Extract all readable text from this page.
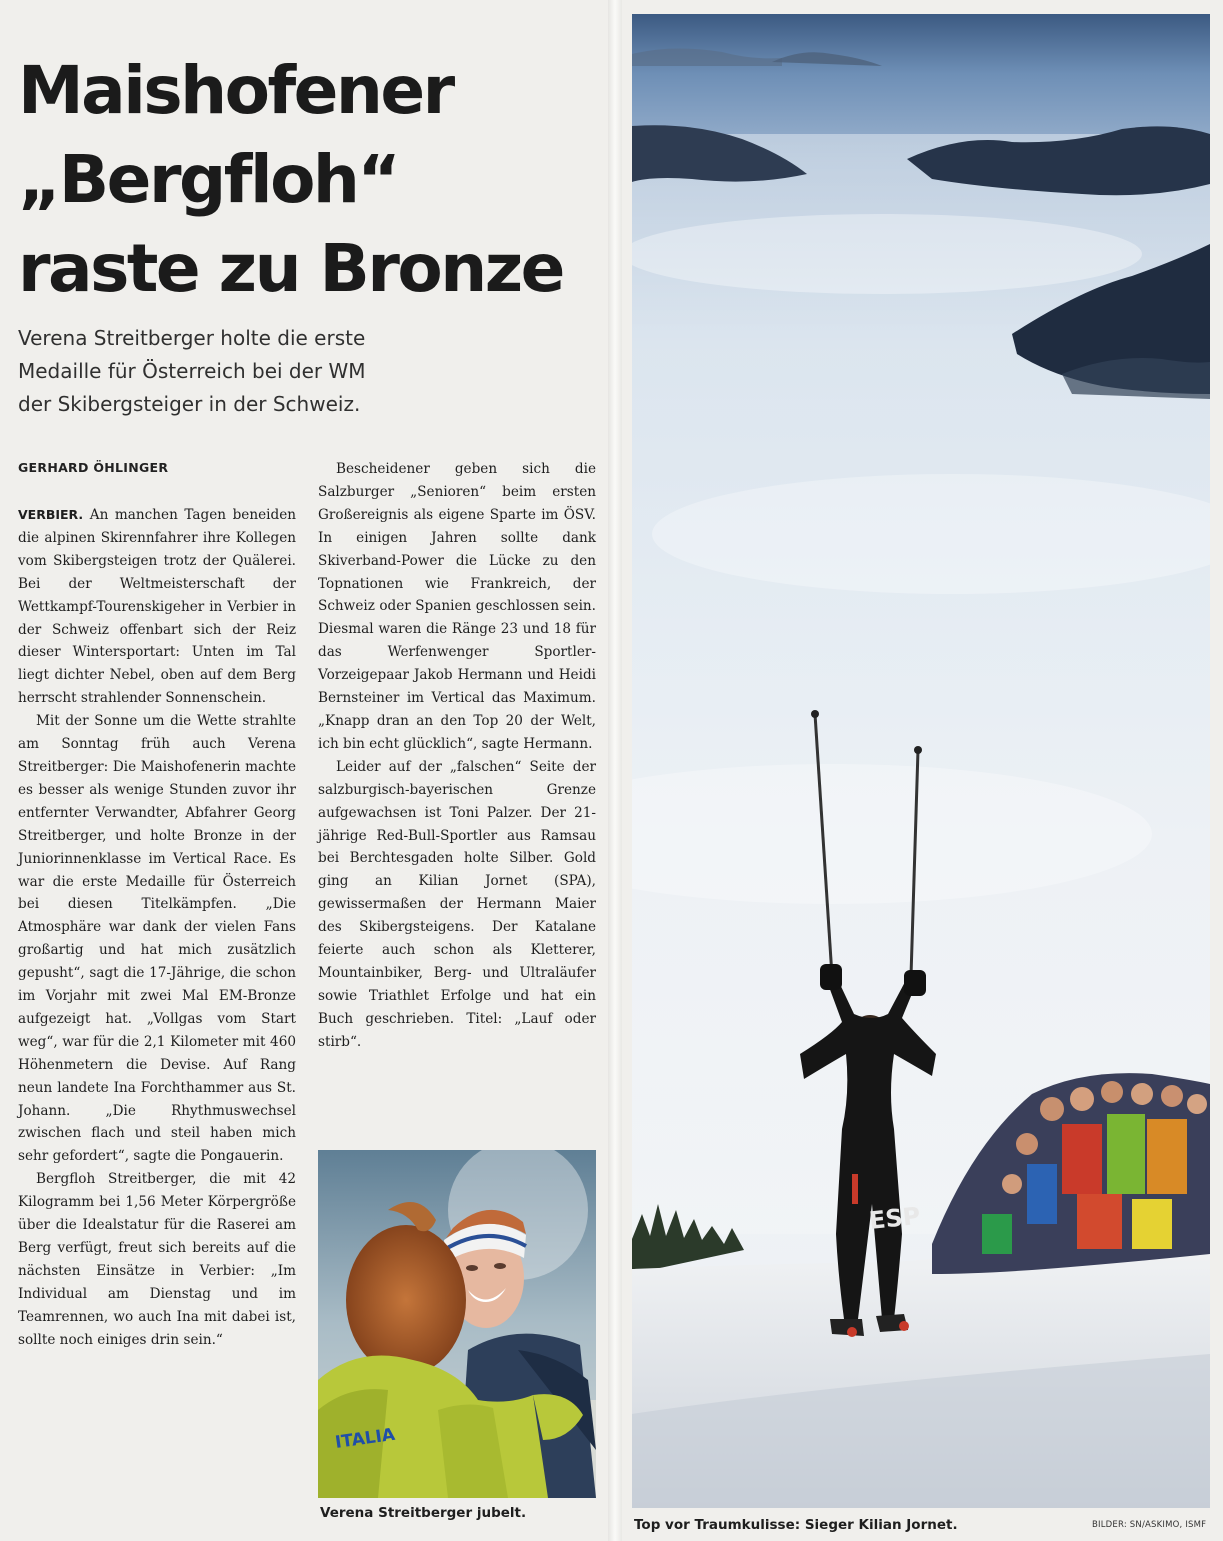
Maishofener
„Bergfloh“
raste zu Bronze

Verena Streitberger holte die erste
Medaille für Österreich bei der WM
der Skibergsteiger in der Schweiz.

GERHARD ÖHLINGER

VERBIER. An manchen Tagen beneiden die alpinen Skirennfahrer ihre Kollegen vom Skibergsteigen trotz der Quälerei. Bei der Weltmeisterschaft der Wettkampf-Tourenskigeher in Verbier in der Schweiz offenbart sich der Reiz dieser Wintersportart: Unten im Tal liegt dichter Nebel, oben auf dem Berg herrscht strahlender Sonnenschein.

Mit der Sonne um die Wette strahlte am Sonntag früh auch Verena Streitberger: Die Maishofenerin machte es besser als wenige Stunden zuvor ihr entfernter Verwandter, Abfahrer Georg Streitberger, und holte Bronze in der Juniorinnenklasse im Vertical Race. Es war die erste Medaille für Österreich bei diesen Titelkämpfen. „Die Atmosphäre war dank der vielen Fans großartig und hat mich zusätzlich gepusht“, sagt die 17-Jährige, die schon im Vorjahr mit zwei Mal EM-Bronze aufgezeigt hat. „Vollgas vom Start weg“, war für die 2,1 Kilometer mit 460 Höhenmetern die Devise. Auf Rang neun landete Ina Forchthammer aus St. Johann. „Die Rhythmuswechsel zwischen flach und steil haben mich sehr gefordert“, sagte die Pongauerin.

Bergfloh Streitberger, die mit 42 Kilogramm bei 1,56 Meter Körpergröße über die Idealstatur für die Raserei am Berg verfügt, freut sich bereits auf die nächsten Einsätze in Verbier: „Im Individual am Dienstag und im Teamrennen, wo auch Ina mit dabei ist, sollte noch einiges drin sein.“

Bescheidener geben sich die Salzburger „Senioren“ beim ersten Großereignis als eigene Sparte im ÖSV. In einigen Jahren sollte dank Skiverband-Power die Lücke zu den Topnationen wie Frankreich, der Schweiz oder Spanien geschlossen sein. Diesmal waren die Ränge 23 und 18 für das Werfenwenger Sportler-Vorzeigepaar Jakob Hermann und Heidi Bernsteiner im Vertical das Maximum. „Knapp dran an den Top 20 der Welt, ich bin echt glücklich“, sagte Hermann.

Leider auf der „falschen“ Seite der salzburgisch-bayerischen Grenze aufgewachsen ist Toni Palzer. Der 21-jährige Red-Bull-Sportler aus Ramsau bei Berchtesgaden holte Silber. Gold ging an Kilian Jornet (SPA), gewissermaßen der Hermann Maier des Skibergsteigens. Der Katalane feierte auch schon als Kletterer, Mountainbiker, Berg- und Ultraläufer sowie Triathlet Erfolge und hat ein Buch geschrieben. Titel: „Lauf oder stirb“.

ITALIA
Verena Streitberger jubelt.
ESP
Top vor Traumkulisse: Sieger Kilian Jornet.	BILDER: SN/ASKIMO, ISMF
